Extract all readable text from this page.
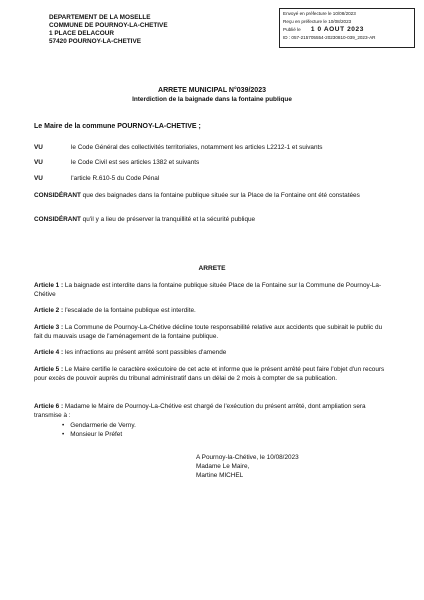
DEPARTEMENT DE LA MOSELLE
COMMUNE DE POURNOY-LA-CHETIVE
1 PLACE DELACOUR
57420 POURNOY-LA-CHETIVE
Envoyé en préfecture le 10/08/2023
Reçu en préfecture le 10/08/2023
Publié le 1 0 AOUT 2023
ID : 057-215705554-20230810-039_2023-AR
ARRETE MUNICIPAL N°039/2023
Interdiction de la baignade dans la fontaine publique
Le Maire de la commune POURNOY-LA-CHETIVE ;
VU	le Code Général des collectivités territoriales, notamment les articles L2212-1 et suivants
VU	le Code Civil est ses articles 1382 et suivants
VU	l'article R.610-5 du Code Pénal
CONSIDÉRANT que des baignades dans la fontaine publique située sur la Place de la Fontaine ont été constatées
CONSIDÉRANT qu'il y a lieu de préserver la tranquillité et la sécurité publique
ARRETE
Article 1 : La baignade est interdite dans la fontaine publique située Place de la Fontaine sur la Commune de Pournoy-La-Chétive
Article 2 : l'escalade de la fontaine publique est interdite.
Article 3 : La Commune de Pournoy-La-Chétive décline toute responsabilité relative aux accidents que subirait le public du fait du mauvais usage de l'aménagement de la fontaine publique.
Article 4 : les infractions au présent arrêté sont passibles d'amende
Article 5 : Le Maire certifie le caractère exécutoire de cet acte et informe que le présent arrêté peut faire l'objet d'un recours pour excès de pouvoir auprès du tribunal administratif dans un délai de 2 mois à compter de sa publication.
Article 6 : Madame le Maire de Pournoy-La-Chétive est chargé de l'exécution du présent arrêté, dont ampliation sera transmise à :
• Gendarmerie de Verny.
• Monsieur le Préfet
A Pournoy-la-Chétive, le 10/08/2023
Madame Le Maire,
Martine MICHEL
